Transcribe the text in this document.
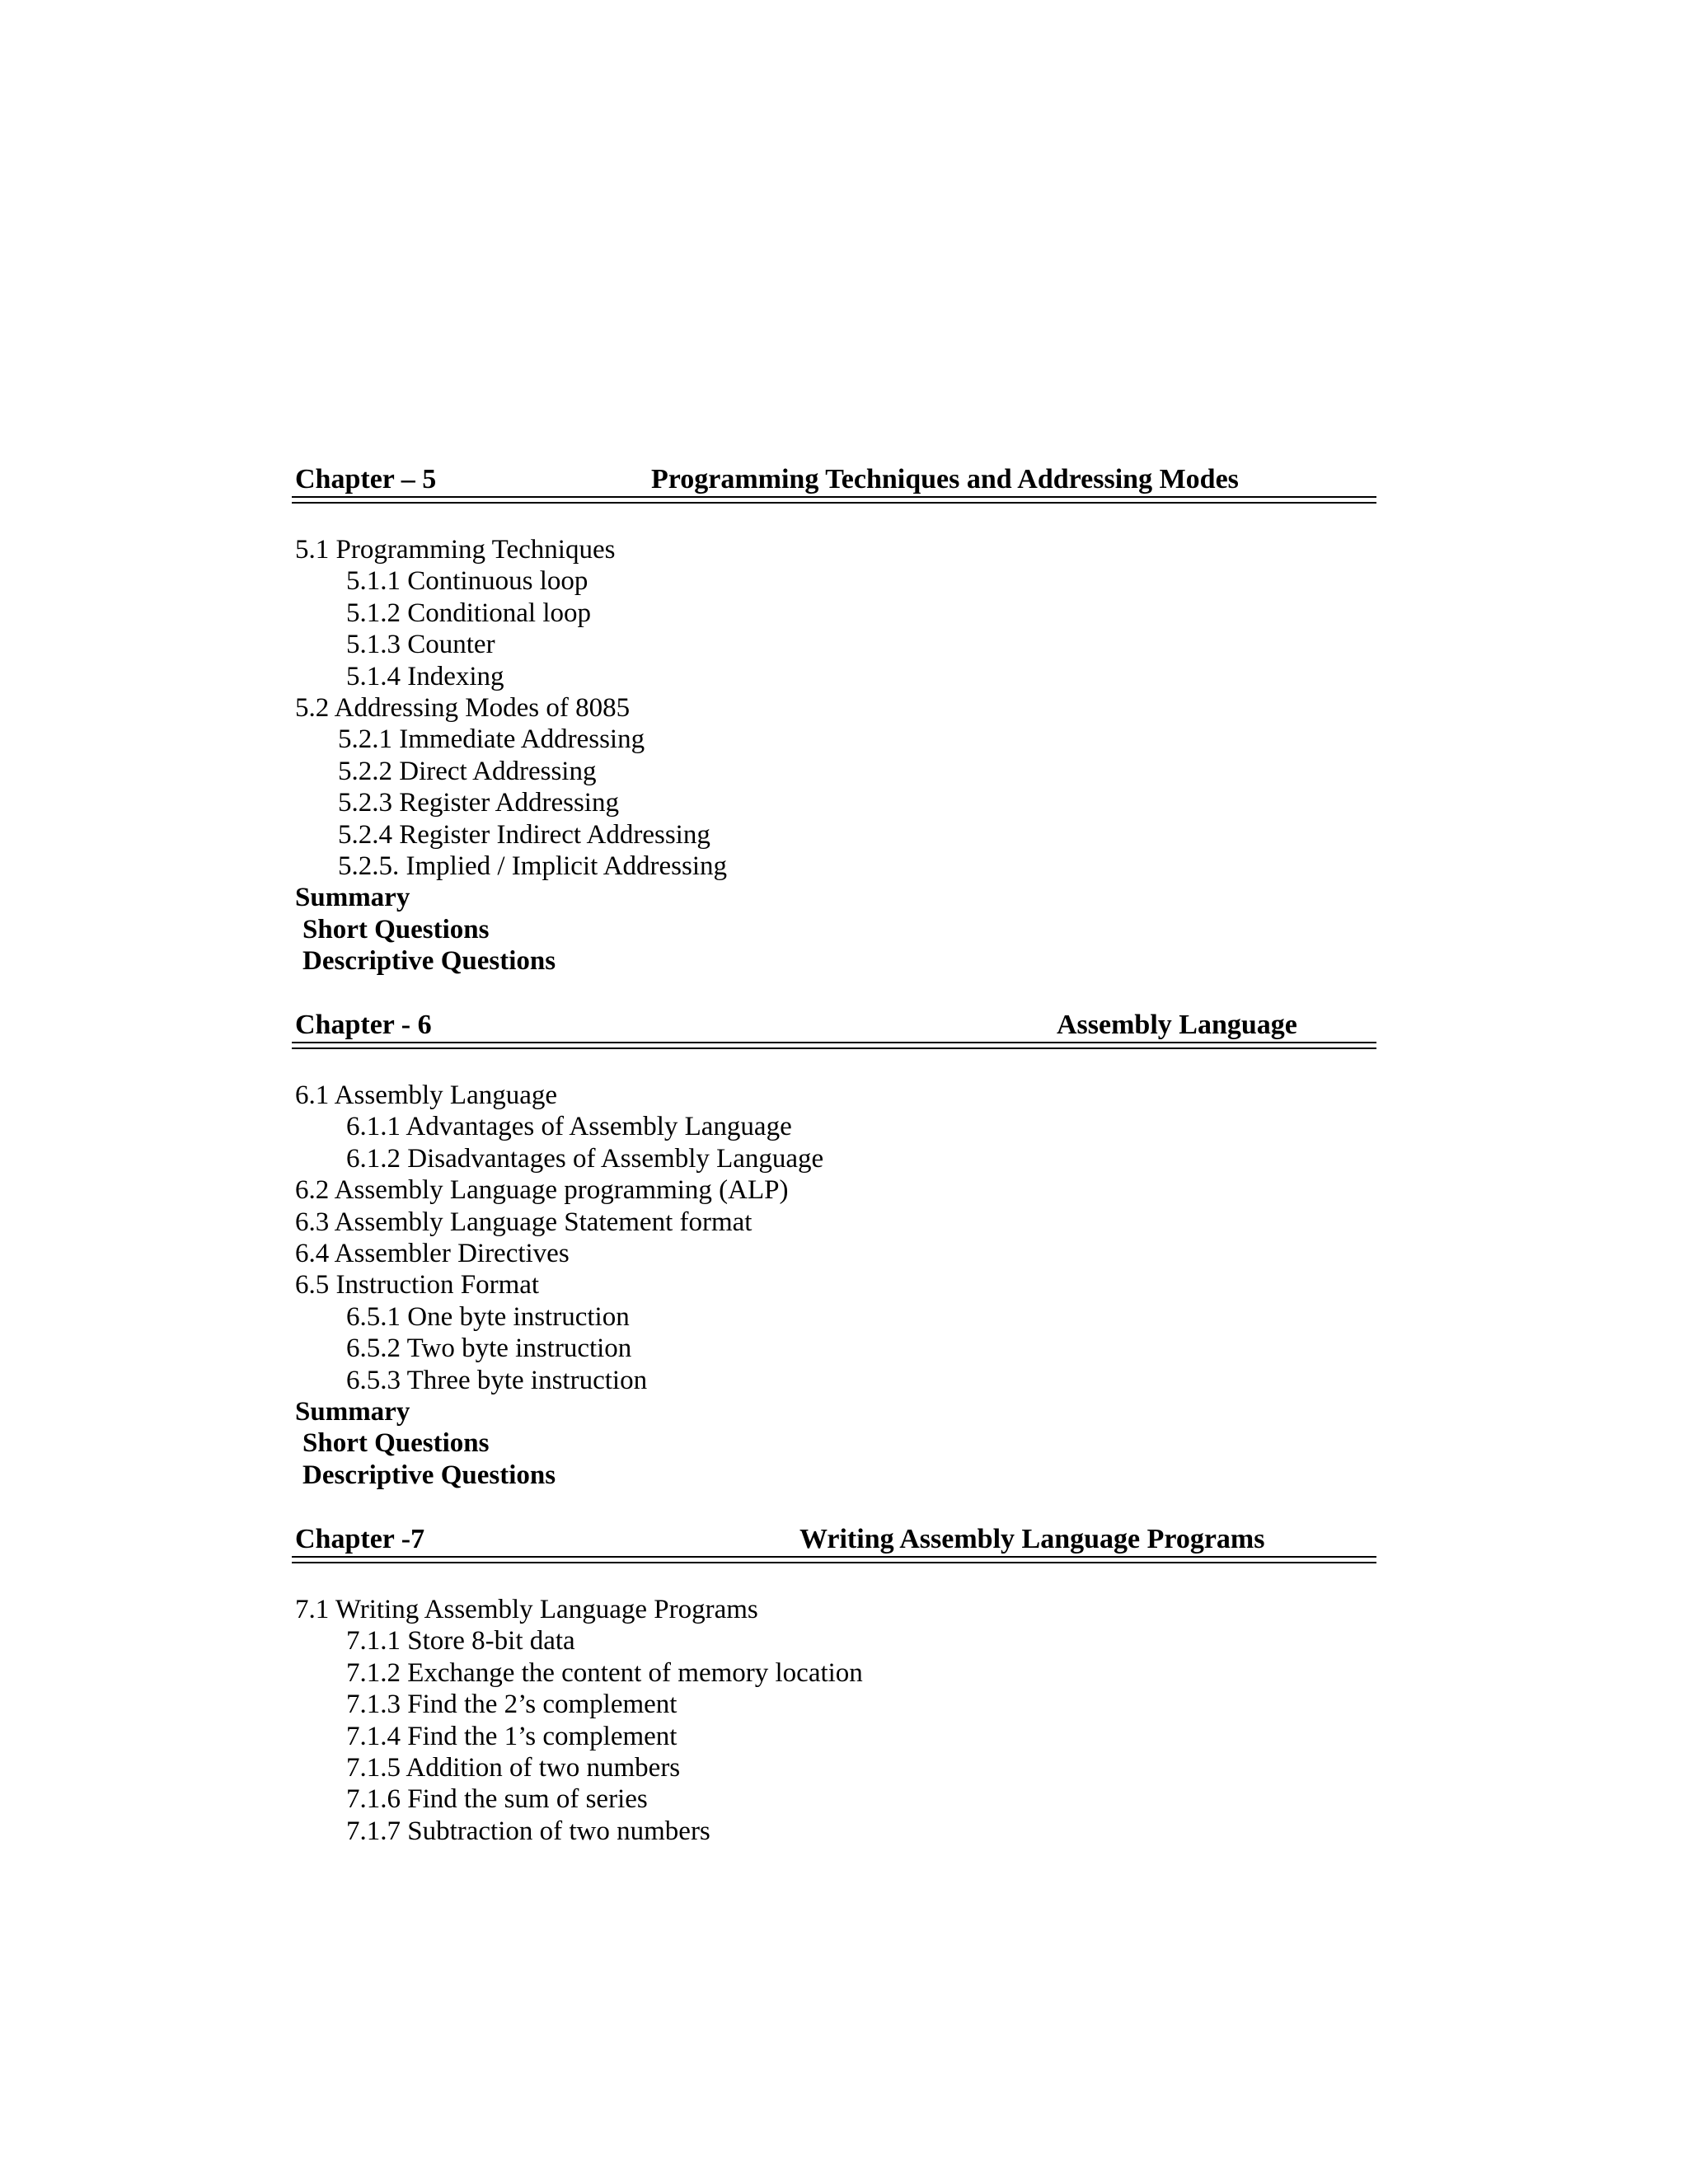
Chapter – 5	Programming Techniques and Addressing Modes
5.1 Programming Techniques
5.1.1 Continuous loop
5.1.2 Conditional loop
5.1.3 Counter
5.1.4 Indexing
5.2 Addressing Modes of 8085
5.2.1 Immediate Addressing
5.2.2 Direct Addressing
5.2.3 Register Addressing
5.2.4 Register Indirect Addressing
5.2.5. Implied / Implicit Addressing
Summary
Short Questions
Descriptive Questions
Chapter - 6	Assembly Language
6.1 Assembly Language
6.1.1 Advantages of Assembly Language
6.1.2 Disadvantages of Assembly Language
6.2 Assembly Language programming (ALP)
6.3 Assembly Language Statement format
6.4 Assembler Directives
6.5 Instruction Format
6.5.1 One byte instruction
6.5.2 Two byte instruction
6.5.3 Three byte instruction
Summary
Short Questions
Descriptive Questions
Chapter -7	Writing Assembly Language Programs
7.1 Writing Assembly Language Programs
7.1.1 Store 8-bit data
7.1.2 Exchange the content of memory location
7.1.3 Find the 2’s complement
7.1.4 Find the 1’s complement
7.1.5 Addition of two numbers
7.1.6 Find the sum of series
7.1.7 Subtraction of two numbers
